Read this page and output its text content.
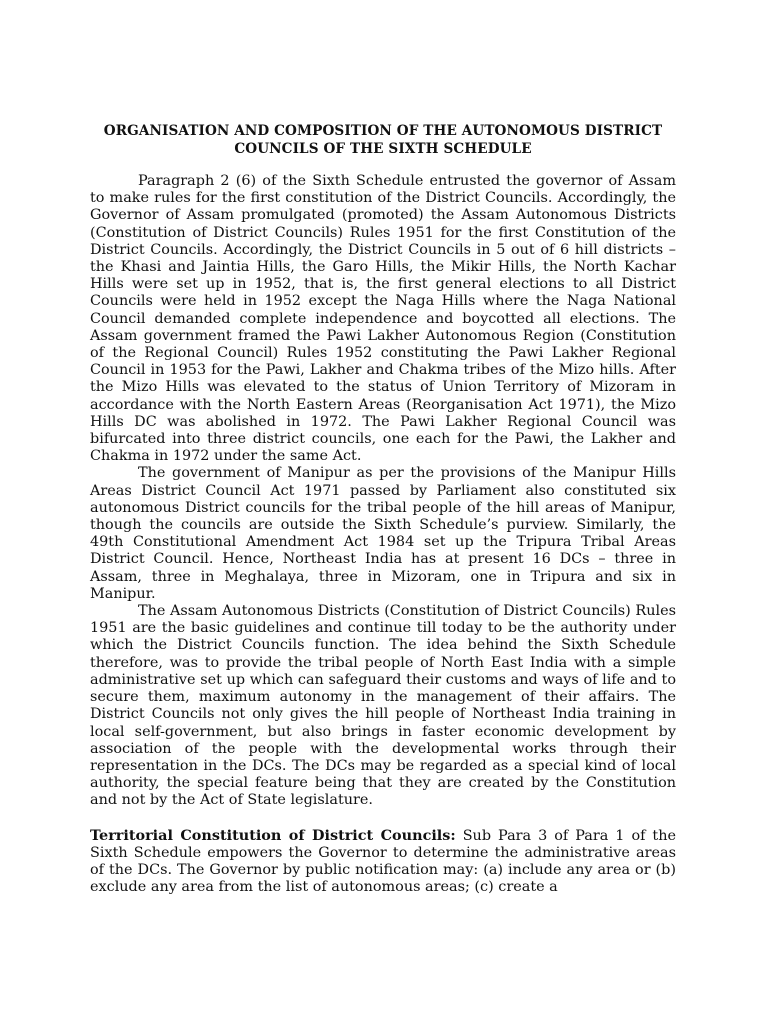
ORGANISATION AND COMPOSITION OF THE AUTONOMOUS DISTRICT COUNCILS OF THE SIXTH SCHEDULE

Paragraph 2 (6) of the Sixth Schedule entrusted the governor of Assam to make rules for the first constitution of the District Councils. Accordingly, the Governor of Assam promulgated (promoted) the Assam Autonomous Districts (Constitution of District Councils) Rules 1951 for the first Constitution of the District Councils. Accordingly, the District Councils in 5 out of 6 hill districts – the Khasi and Jaintia Hills, the Garo Hills, the Mikir Hills, the North Kachar Hills were set up in 1952, that is, the first general elections to all District Councils were held in 1952 except the Naga Hills where the Naga National Council demanded complete independence and boycotted all elections. The Assam government framed the Pawi Lakher Autonomous Region (Constitution of the Regional Council) Rules 1952 constituting the Pawi Lakher Regional Council in 1953 for the Pawi, Lakher and Chakma tribes of the Mizo hills. After the Mizo Hills was elevated to the status of Union Territory of Mizoram in accordance with the North Eastern Areas (Reorganisation Act 1971), the Mizo Hills DC was abolished in 1972. The Pawi Lakher Regional Council was bifurcated into three district councils, one each for the Pawi, the Lakher and Chakma in 1972 under the same Act.

The government of Manipur as per the provisions of the Manipur Hills Areas District Council Act 1971 passed by Parliament also constituted six autonomous District councils for the tribal people of the hill areas of Manipur, though the councils are outside the Sixth Schedule’s purview. Similarly, the 49th Constitutional Amendment Act 1984 set up the Tripura Tribal Areas District Council. Hence, Northeast India has at present 16 DCs – three in Assam, three in Meghalaya, three in Mizoram, one in Tripura and six in Manipur.

The Assam Autonomous Districts (Constitution of District Councils) Rules 1951 are the basic guidelines and continue till today to be the authority under which the District Councils function. The idea behind the Sixth Schedule therefore, was to provide the tribal people of North East India with a simple administrative set up which can safeguard their customs and ways of life and to secure them, maximum autonomy in the management of their affairs. The District Councils not only gives the hill people of Northeast India training in local self-government, but also brings in faster economic development by association of the people with the developmental works through their representation in the DCs. The DCs may be regarded as a special kind of local authority, the special feature being that they are created by the Constitution and not by the Act of State legislature.

Territorial Constitution of District Councils: Sub Para 3 of Para 1 of the Sixth Schedule empowers the Governor to determine the administrative areas of the DCs. The Governor by public notification may: (a) include any area or (b) exclude any area from the list of autonomous areas; (c) create a
